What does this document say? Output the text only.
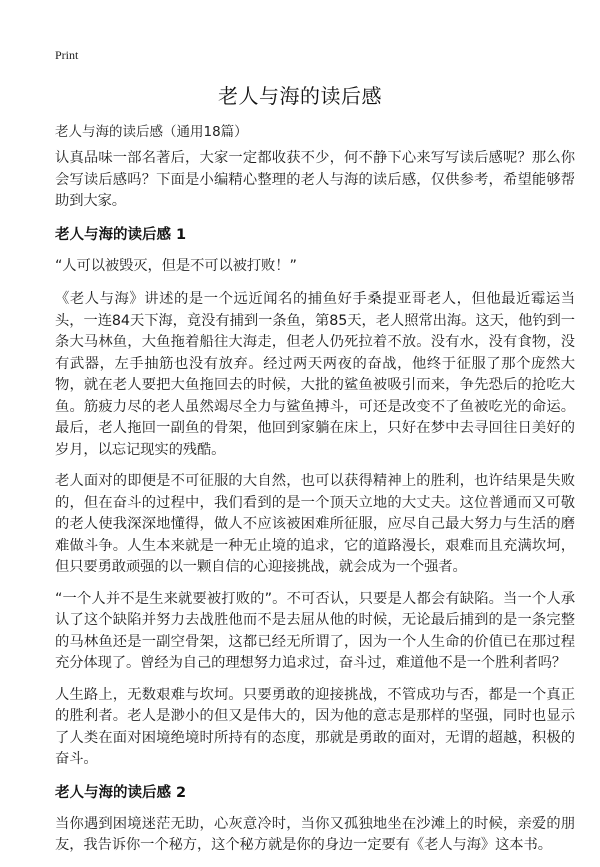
Print
老人与海的读后感
老人与海的读后感（通用18篇）

认真品味一部名著后，大家一定都收获不少，何不静下心来写写读后感呢？那么你会写读后感吗？下面是小编精心整理的老人与海的读后感，仅供参考，希望能够帮助到大家。

老人与海的读后感 1

“人可以被毁灭，但是不可以被打败！”

《老人与海》讲述的是一个远近闻名的捕鱼好手桑提亚哥老人，但他最近霉运当头，一连84天下海，竟没有捕到一条鱼，第85天，老人照常出海。这天，他钓到一条大马林鱼，大鱼拖着船往大海走，但老人仍死拉着不放。没有水，没有食物，没有武器，左手抽筋也没有放弃。经过两天两夜的奋战，他终于征服了那个庞然大物，就在老人要把大鱼拖回去的时候，大批的鲨鱼被吸引而来，争先恐后的抢吃大鱼。筋疲力尽的老人虽然竭尽全力与鲨鱼搏斗，可还是改变不了鱼被吃光的命运。最后，老人拖回一副鱼的骨架，他回到家躺在床上，只好在梦中去寻回往日美好的岁月，以忘记现实的残酷。

老人面对的即便是不可征服的大自然，也可以获得精神上的胜利，也许结果是失败的，但在奋斗的过程中，我们看到的是一个顶天立地的大丈夫。这位普通而又可敬的老人使我深深地懂得，做人不应该被困难所征服，应尽自己最大努力与生活的磨难做斗争。人生本来就是一种无止境的追求，它的道路漫长，艰难而且充满坎坷，但只要勇敢顽强的以一颗自信的心迎接挑战，就会成为一个强者。

“一个人并不是生来就要被打败的”。不可否认，只要是人都会有缺陷。当一个人承认了这个缺陷并努力去战胜他而不是去屈从他的时候，无论最后捕到的是一条完整的马林鱼还是一副空骨架，这都已经无所谓了，因为一个人生命的价值已在那过程充分体现了。曾经为自己的理想努力追求过，奋斗过，难道他不是一个胜利者吗？

人生路上，无数艰难与坎坷。只要勇敢的迎接挑战，不管成功与否，都是一个真正的胜利者。老人是渺小的但又是伟大的，因为他的意志是那样的坚强，同时也显示了人类在面对困境绝境时所持有的态度，那就是勇敢的面对，无谓的超越，积极的奋斗。

老人与海的读后感 2

当你遇到困境迷茫无助，心灰意冷时，当你又孤独地坐在沙滩上的时候，亲爱的朋友，我告诉你一个秘方，这个秘方就是你的身边一定要有《老人与海》这本书。
